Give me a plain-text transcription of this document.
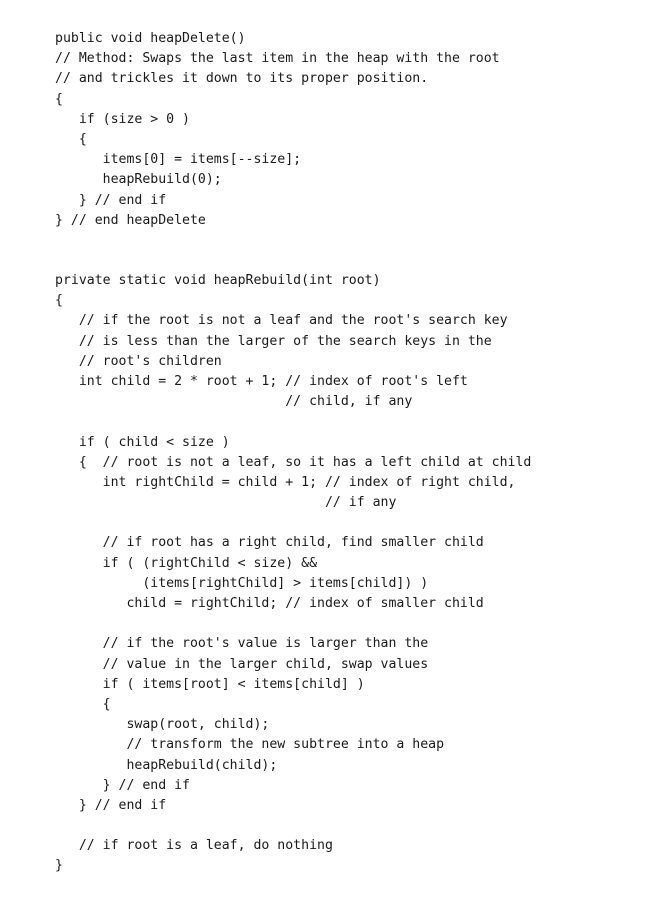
public void heapDelete()
// Method: Swaps the last item in the heap with the root
// and trickles it down to its proper position.
{
if (size > 0 )
{
items[0] = items[--size];
heapRebuild(0);
} // end if
} // end heapDelete
private static void heapRebuild(int root)
{
// if the root is not a leaf and the root's search key
// is less than the larger of the search keys in the
// root's children
int child = 2 * root + 1; // index of root's left
// child, if any
if ( child < size )
{  // root is not a leaf, so it has a left child at child
int rightChild = child + 1; // index of right child,
// if any
// if root has a right child, find smaller child
if ( (rightChild < size) &&
(items[rightChild] > items[child]) )
child = rightChild; // index of smaller child
// if the root's value is larger than the
// value in the larger child, swap values
if ( items[root] < items[child] )
{
swap(root, child);
// transform the new subtree into a heap
heapRebuild(child);
} // end if
} // end if
// if root is a leaf, do nothing
}
